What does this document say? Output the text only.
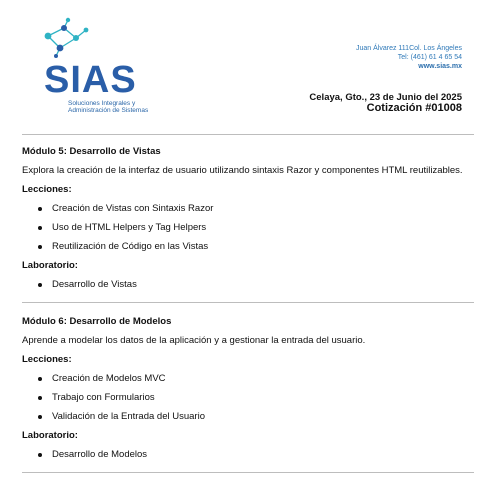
SIAS
Soluciones Integrales y
Administración de Sistemas
Juan Álvarez 111Col. Los Ángeles
Tel: (461) 61 4 65 54
www.sias.mx
Celaya, Gto., 23 de Junio del 2025
Cotización #01008

Módulo 5: Desarrollo de Vistas

Explora la creación de la interfaz de usuario utilizando sintaxis Razor y componentes HTML reutilizables.

Lecciones:

Creación de Vistas con Sintaxis Razor
Uso de HTML Helpers y Tag Helpers
Reutilización de Código en las Vistas

Laboratorio:

Desarrollo de Vistas

Módulo 6: Desarrollo de Modelos

Aprende a modelar los datos de la aplicación y a gestionar la entrada del usuario.

Lecciones:

Creación de Modelos MVC
Trabajo con Formularios
Validación de la Entrada del Usuario

Laboratorio:

Desarrollo de Modelos
